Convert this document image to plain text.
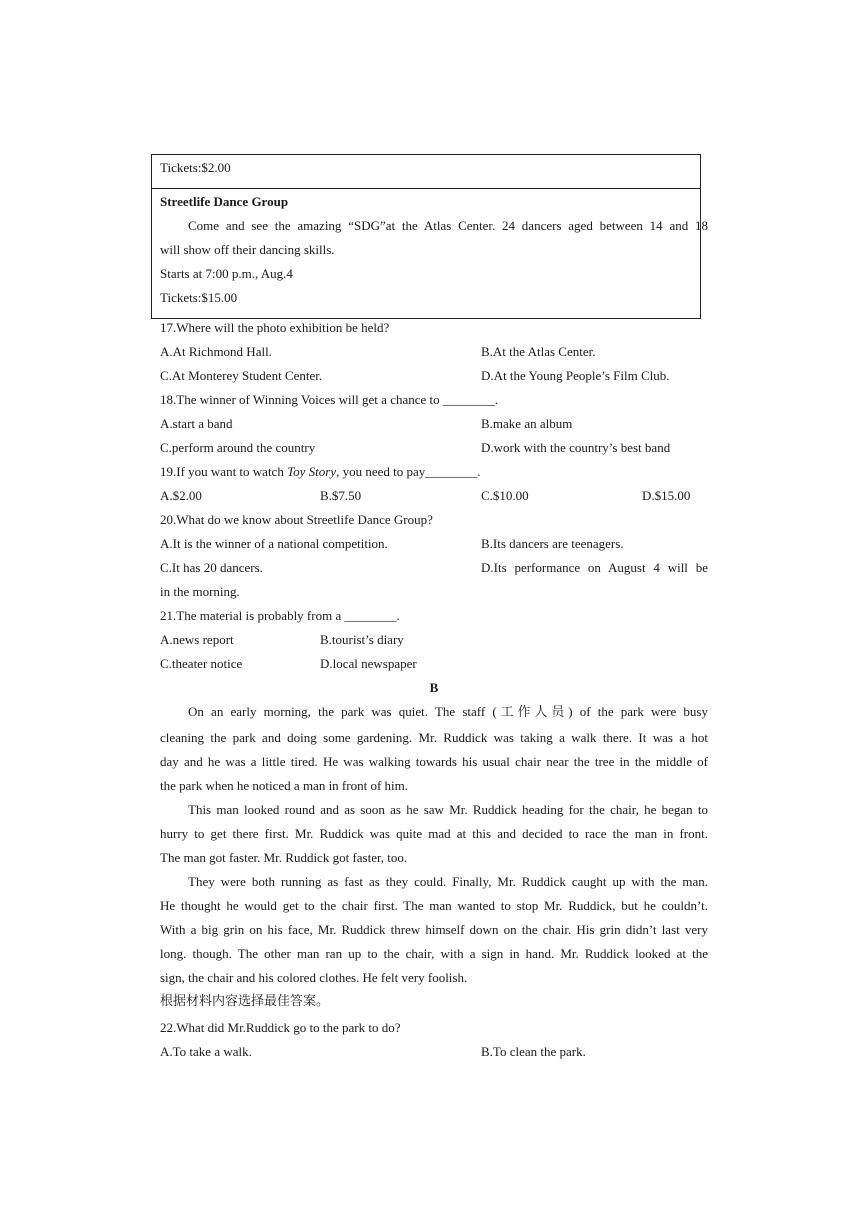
Tickets:$2.00
Streetlife Dance Group
Come and see the amazing “SDG”at the Atlas Center. 24 dancers aged between 14 and 18
will show off their dancing skills.
Starts at 7:00 p.m., Aug.4
Tickets:$15.00
17.Where will the photo exhibition be held?
A.At Richmond Hall.	B.At the Atlas Center.
C.At Monterey Student Center.	D.At the Young People’s Film Club.
18.The winner of Winning Voices will get a chance to ________.
A.start a band	B.make an album
C.perform around the country	D.work with the country’s best band
19.If you want to watch Toy Story, you need to pay________.
A.$2.00	B.$7.50	C.$10.00	D.$15.00
20.What do we know about Streetlife Dance Group?
A.It is the winner of a national competition.	B.Its dancers are teenagers.
C.It has 20 dancers.	D.Its performance on August 4 will be
in the morning.
21.The material is probably from a ________.
A.news report	B.tourist’s diary
C.theater notice	D.local newspaper
B
On an early morning, the park was quiet. The staff (工作人员) of the park were busy
cleaning the park and doing some gardening. Mr. Ruddick was taking a walk there. It was a hot
day and he was a little tired. He was walking towards his usual chair near the tree in the middle of
the park when he noticed a man in front of him.
This man looked round and as soon as he saw Mr. Ruddick heading for the chair, he began to
hurry to get there first. Mr. Ruddick was quite mad at this and decided to race the man in front.
The man got faster. Mr. Ruddick got faster, too.
They were both running as fast as they could. Finally, Mr. Ruddick caught up with the man.
He thought he would get to the chair first. The man wanted to stop Mr. Ruddick, but he couldn’t.
With a big grin on his face, Mr. Ruddick threw himself down on the chair. His grin didn’t last very
long. though. The other man ran up to the chair, with a sign in hand. Mr. Ruddick looked at the
sign, the chair and his colored clothes. He felt very foolish.
根据材料内容选择最佳答案。
22.What did Mr.Ruddick go to the park to do?
A.To take a walk.	B.To clean the park.
